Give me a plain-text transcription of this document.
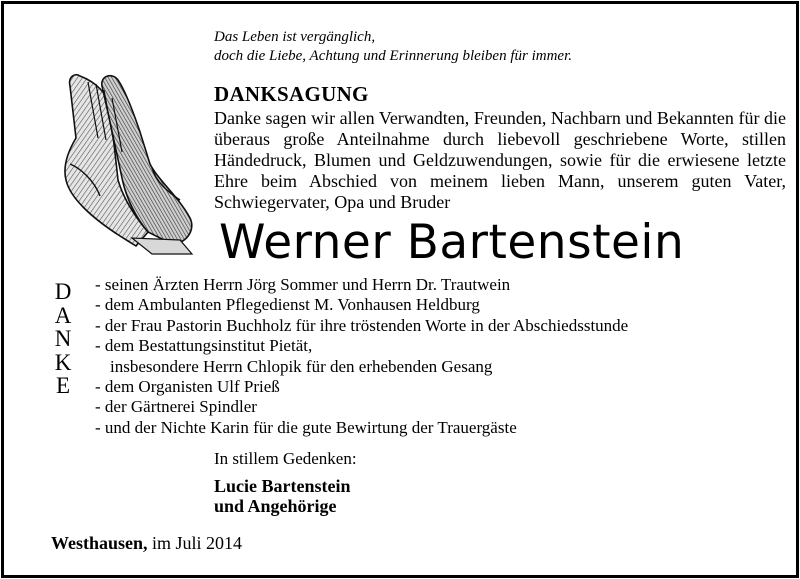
Das Leben ist vergänglich,
doch die Liebe, Achtung und Erinnerung bleiben für immer.
DANKSAGUNG
Danke sagen wir allen Verwandten, Freunden, Nachbarn und Bekannten für die überaus große Anteilnahme durch liebevoll geschriebene Worte, stillen Händedruck, Blumen und Geldzuwendungen, sowie für die erwiesene letzte Ehre beim Abschied von meinem lieben Mann, unserem guten Vater, Schwiegervater, Opa und Bruder
Werner Bartenstein
D
A
N
K
E
- seinen Ärzten Herrn Jörg Sommer und Herrn Dr. Trautwein
- dem Ambulanten Pflegedienst M. Vonhausen Heldburg
- der Frau Pastorin Buchholz für ihre tröstenden Worte in der Abschiedsstunde
- dem Bestattungsinstitut Pietät,
insbesondere Herrn Chlopik für den erhebenden Gesang
- dem Organisten Ulf Prieß
- der Gärtnerei Spindler
- und der Nichte Karin für die gute Bewirtung der Trauergäste
In stillem Gedenken:
Lucie Bartenstein
und Angehörige
Westhausen, im Juli 2014
